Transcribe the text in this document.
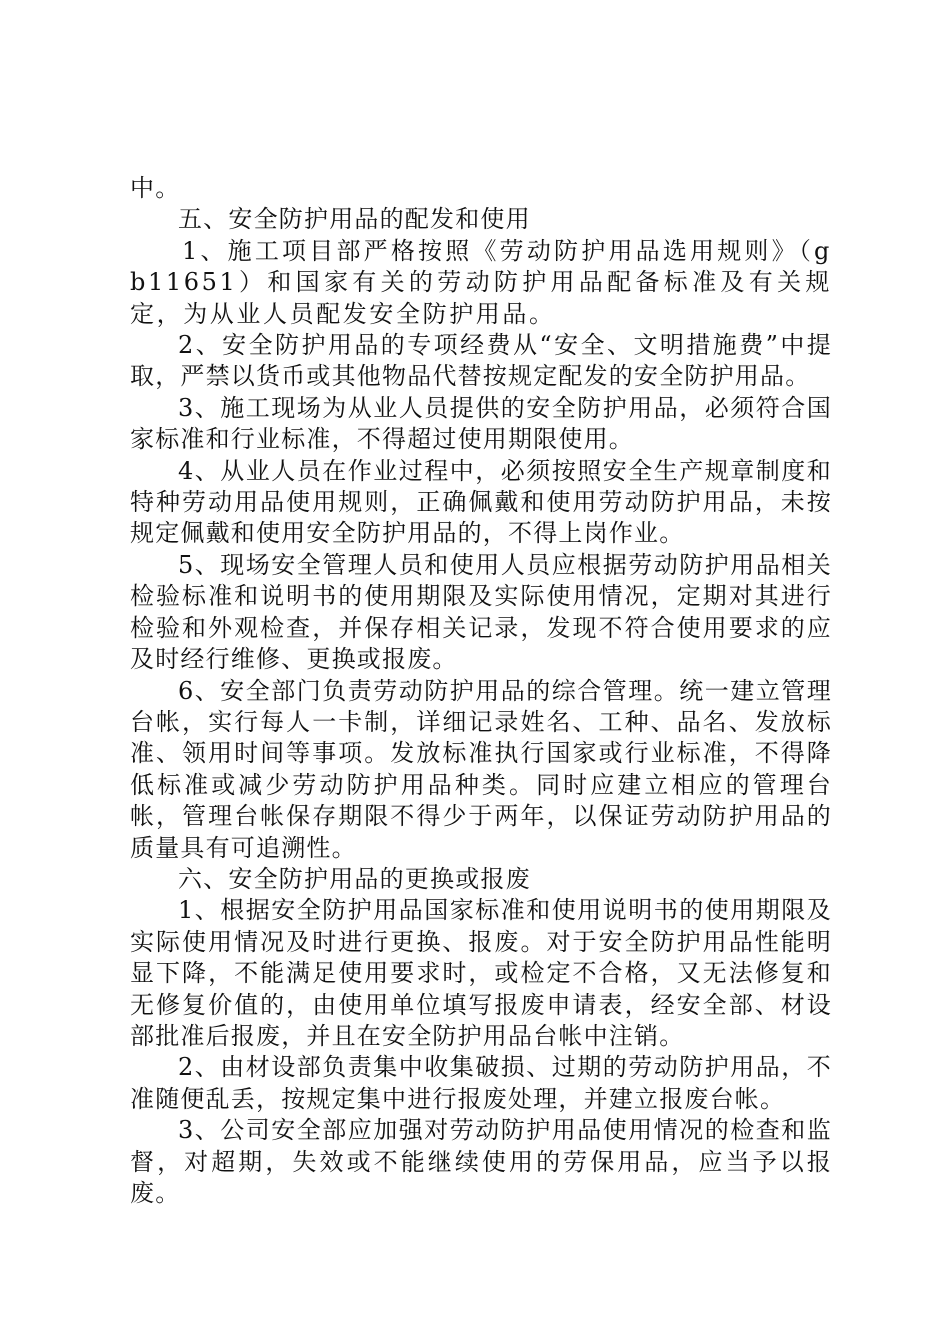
中。

五、安全防护用品的配发和使用

1、施工项目部严格按照《劳动防护用品选用规则》（gb11651）和国家有关的劳动防护用品配备标准及有关规定，为从业人员配发安全防护用品。

2、安全防护用品的专项经费从“安全、文明措施费”中提取，严禁以货币或其他物品代替按规定配发的安全防护用品。

3、施工现场为从业人员提供的安全防护用品，必须符合国家标准和行业标准，不得超过使用期限使用。

4、从业人员在作业过程中，必须按照安全生产规章制度和特种劳动用品使用规则，正确佩戴和使用劳动防护用品，未按规定佩戴和使用安全防护用品的，不得上岗作业。

5、现场安全管理人员和使用人员应根据劳动防护用品相关检验标准和说明书的使用期限及实际使用情况，定期对其进行检验和外观检查，并保存相关记录，发现不符合使用要求的应及时经行维修、更换或报废。

6、安全部门负责劳动防护用品的综合管理。统一建立管理台帐，实行每人一卡制，详细记录姓名、工种、品名、发放标准、领用时间等事项。发放标准执行国家或行业标准，不得降低标准或减少劳动防护用品种类。同时应建立相应的管理台帐，管理台帐保存期限不得少于两年，以保证劳动防护用品的质量具有可追溯性。

六、安全防护用品的更换或报废

1、根据安全防护用品国家标准和使用说明书的使用期限及实际使用情况及时进行更换、报废。对于安全防护用品性能明显下降，不能满足使用要求时，或检定不合格，又无法修复和无修复价值的，由使用单位填写报废申请表，经安全部、材设部批准后报废，并且在安全防护用品台帐中注销。

2、由材设部负责集中收集破损、过期的劳动防护用品，不准随便乱丢，按规定集中进行报废处理，并建立报废台帐。

3、公司安全部应加强对劳动防护用品使用情况的检查和监督，对超期，失效或不能继续使用的劳保用品，应当予以报废。
